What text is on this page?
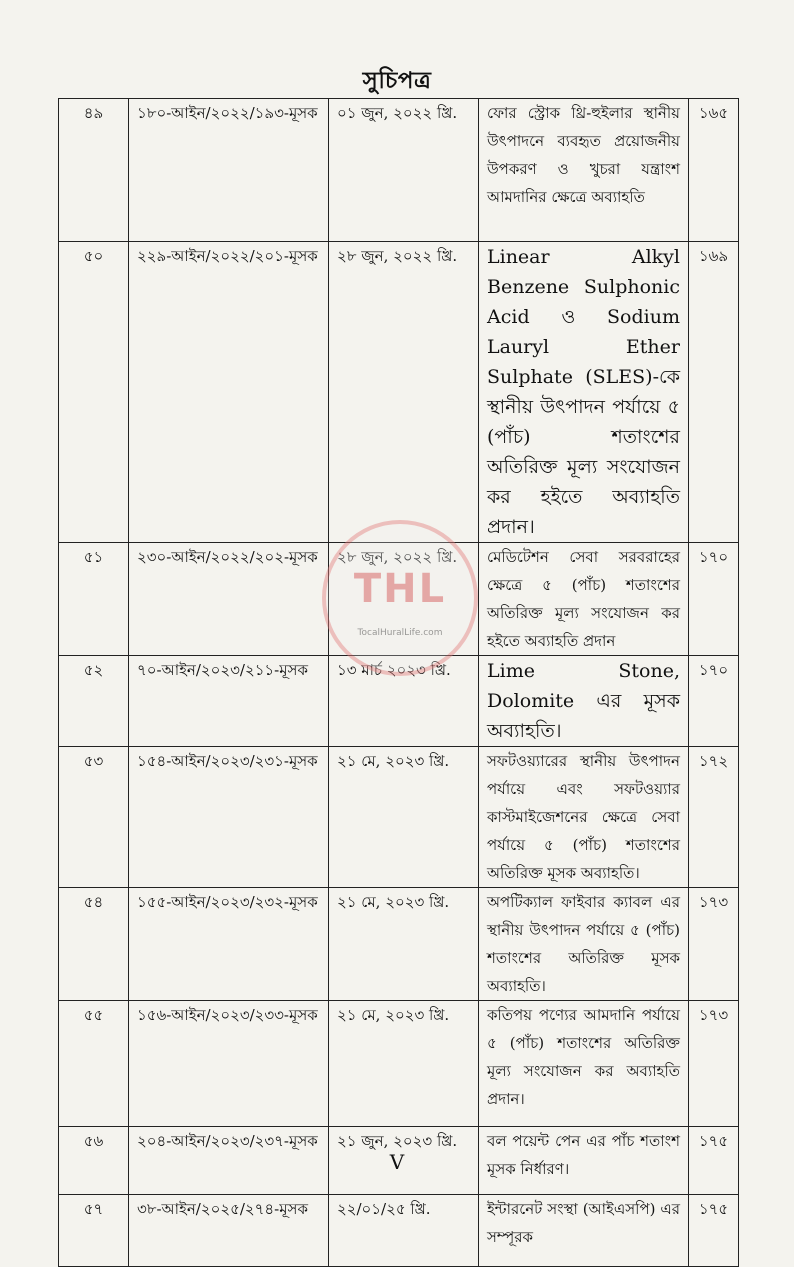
সুচিপত্র
৪৯	১৮০-আইন/২০২২/১৯৩-মূসক	০১ জুন, ২০২২ খ্রি.	ফোর স্ট্রোক থ্রি-হুইলার স্থানীয় উৎপাদনে ব্যবহৃত প্রয়োজনীয় উপকরণ ও খুচরা যন্ত্রাংশ আমদানির ক্ষেত্রে অব্যাহতি	১৬৫
৫০	২২৯-আইন/২০২২/২০১-মূসক	২৮ জুন, ২০২২ খ্রি.	Linear Alkyl Benzene Sulphonic Acid ও Sodium Lauryl Ether Sulphate (SLES)-কে স্থানীয় উৎপাদন পর্যায়ে ৫ (পাঁচ) শতাংশের অতিরিক্ত মূল্য সংযোজন কর হইতে অব্যাহতি প্রদান।	১৬৯
৫১	২৩০-আইন/২০২২/২০২-মূসক	২৮ জুন, ২০২২ খ্রি.	মেডিটেশন সেবা সরবরাহের ক্ষেত্রে ৫ (পাঁচ) শতাংশের অতিরিক্ত মূল্য সংযোজন কর হইতে অব্যাহতি প্রদান	১৭০
৫২	৭০-আইন/২০২৩/২১১-মূসক	১৩ মার্চ ২০২৩ খ্রি.	Lime Stone, Dolomite এর মূসক অব্যাহতি।	১৭০
৫৩	১৫৪-আইন/২০২৩/২৩১-মূসক	২১ মে, ২০২৩ খ্রি.	সফটওয়্যারের স্থানীয় উৎপাদন পর্যায়ে এবং সফটওয়্যার কাস্টমাইজেশনের ক্ষেত্রে সেবা পর্যায়ে ৫ (পাঁচ) শতাংশের অতিরিক্ত মূসক অব্যাহতি।	১৭২
৫৪	১৫৫-আইন/২০২৩/২৩২-মূসক	২১ মে, ২০২৩ খ্রি.	অপটিক্যাল ফাইবার ক্যাবল এর স্থানীয় উৎপাদন পর্যায়ে ৫ (পাঁচ) শতাংশের অতিরিক্ত মূসক অব্যাহতি।	১৭৩
৫৫	১৫৬-আইন/২০২৩/২৩৩-মূসক	২১ মে, ২০২৩ খ্রি.	কতিপয় পণ্যের আমদানি পর্যায়ে ৫ (পাঁচ) শতাংশের অতিরিক্ত মূল্য সংযোজন কর অব্যাহতি প্রদান।	১৭৩
৫৬	২০৪-আইন/২০২৩/২৩৭-মূসক	২১ জুন, ২০২৩ খ্রি.	বল পয়েন্ট পেন এর পাঁচ শতাংশ মূসক নির্ধারণ।	১৭৫
৫৭	৩৮-আইন/২০২৫/২৭৪-মূসক	২২/০১/২৫ খ্রি.	ইন্টারনেট সংস্থা (আইএসপি) এর সম্পূরক	১৭৫
THL
TocalHuralLife.com
V
